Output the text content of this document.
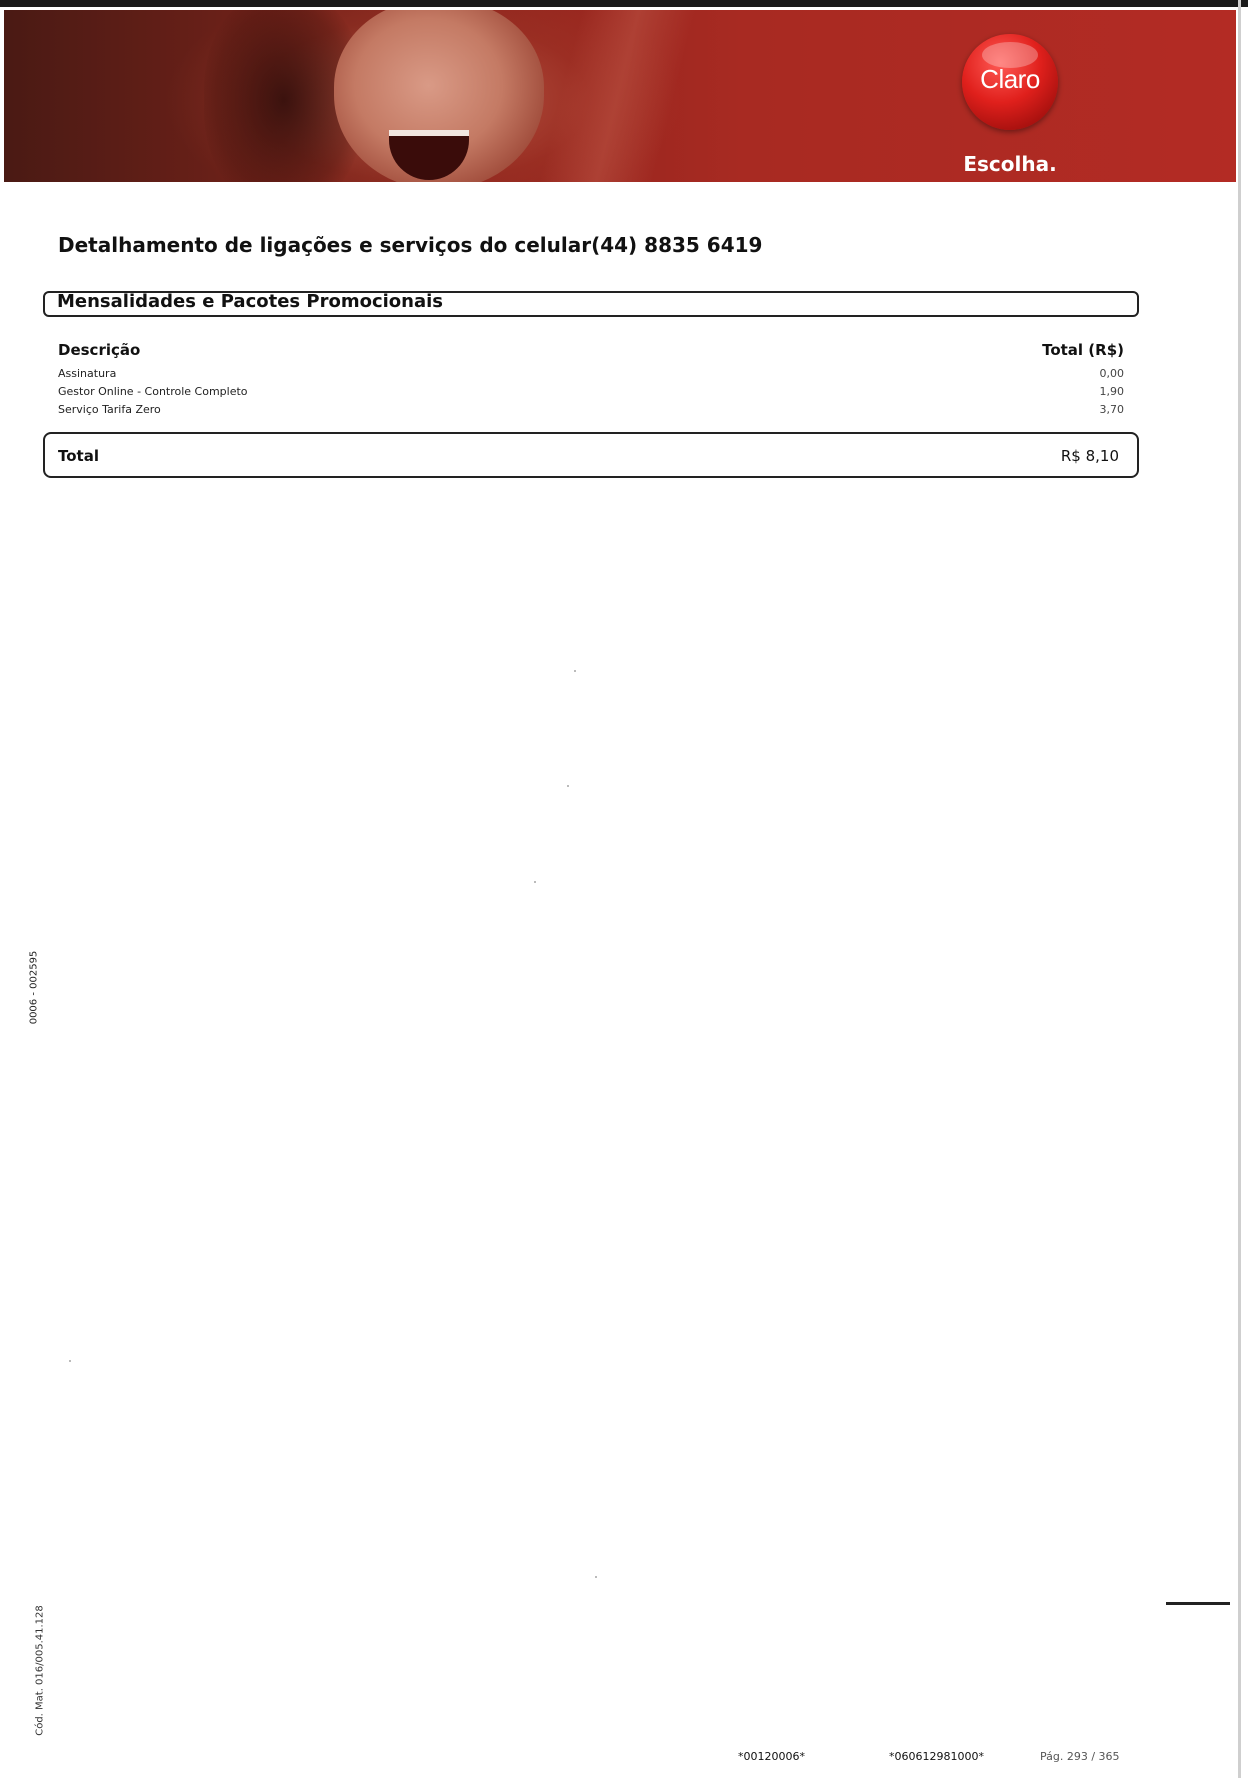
Claro
Escolha.
Detalhamento de ligações e serviços do celular(44) 8835 6419
Mensalidades e Pacotes Promocionais
Descrição	Total (R$)
Assinatura	0,00
Gestor Online - Controle Completo	1,90
Serviço Tarifa Zero	3,70
Total	R$ 8,10
0006 - 002595
Cód. Mat. 016/005.41.128
*00120006*	*060612981000*	Pág. 293 / 365
